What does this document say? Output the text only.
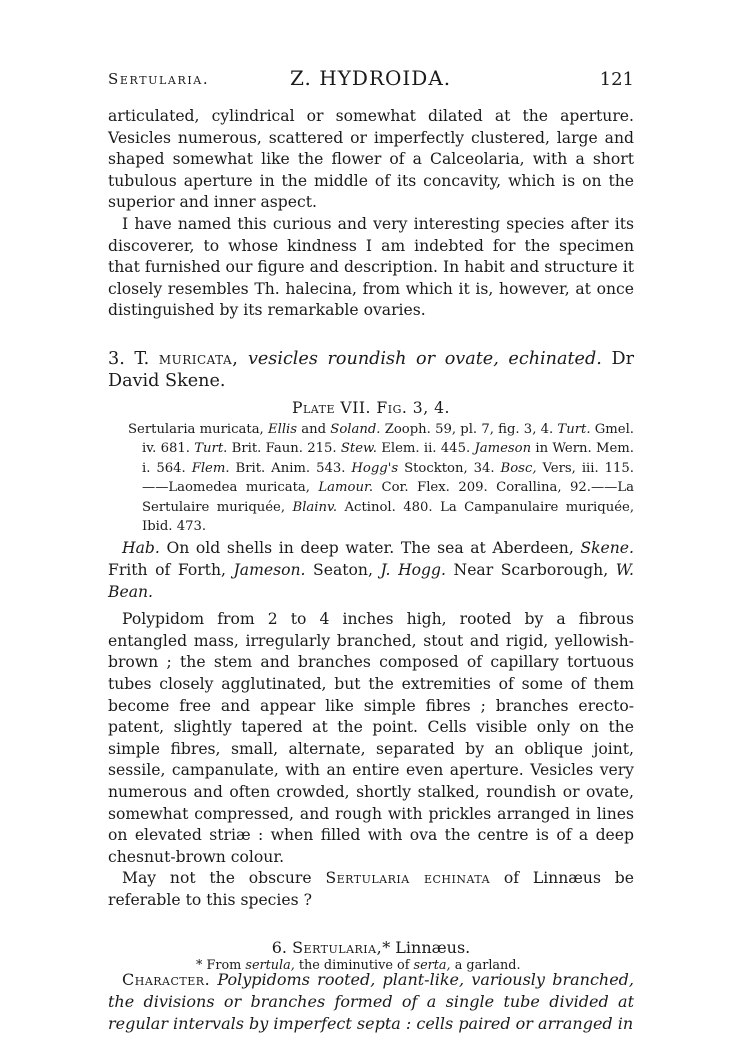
Sertularia.	Z. HYDROIDA.	121

articulated, cylindrical or somewhat dilated at the aperture. Vesicles numerous, scattered or imperfectly clustered, large and shaped somewhat like the flower of a Calceolaria, with a short tubulous aperture in the middle of its concavity, which is on the superior and inner aspect.

I have named this curious and very interesting species after its discoverer, to whose kindness I am indebted for the specimen that furnished our figure and description. In habit and structure it closely resembles Th. halecina, from which it is, however, at once distinguished by its remarkable ovaries.

3. T. muricata, vesicles roundish or ovate, echinated. Dr David Skene.

Plate VII. Fig. 3, 4.

Sertularia muricata, Ellis and Soland. Zooph. 59, pl. 7, fig. 3, 4. Turt. Gmel. iv. 681. Turt. Brit. Faun. 215. Stew. Elem. ii. 445. Jameson in Wern. Mem. i. 564. Flem. Brit. Anim. 543. Hogg's Stockton, 34. Bosc, Vers, iii. 115.——Laomedea muricata, Lamour. Cor. Flex. 209. Corallina, 92.——La Sertulaire muriquée, Blainv. Actinol. 480. La Campanulaire muriquée, Ibid. 473.

Hab. On old shells in deep water. The sea at Aberdeen, Skene. Frith of Forth, Jameson. Seaton, J. Hogg. Near Scarborough, W. Bean.

Polypidom from 2 to 4 inches high, rooted by a fibrous entangled mass, irregularly branched, stout and rigid, yellowish-brown ; the stem and branches composed of capillary tortuous tubes closely agglutinated, but the extremities of some of them become free and appear like simple fibres ; branches erecto-patent, slightly tapered at the point. Cells visible only on the simple fibres, small, alternate, separated by an oblique joint, sessile, campanulate, with an entire even aperture. Vesicles very numerous and often crowded, shortly stalked, roundish or ovate, somewhat compressed, and rough with prickles arranged in lines on elevated striæ : when filled with ova the centre is of a deep chesnut-brown colour.

May not the obscure Sertularia echinata of Linnæus be referable to this species ?

6. Sertularia,* Linnæus.

Character. Polypidoms rooted, plant-like, variously branched, the divisions or branches formed of a single tube divided at regular intervals by imperfect septa : cells paired or arranged in

* From sertula, the diminutive of serta, a garland.
